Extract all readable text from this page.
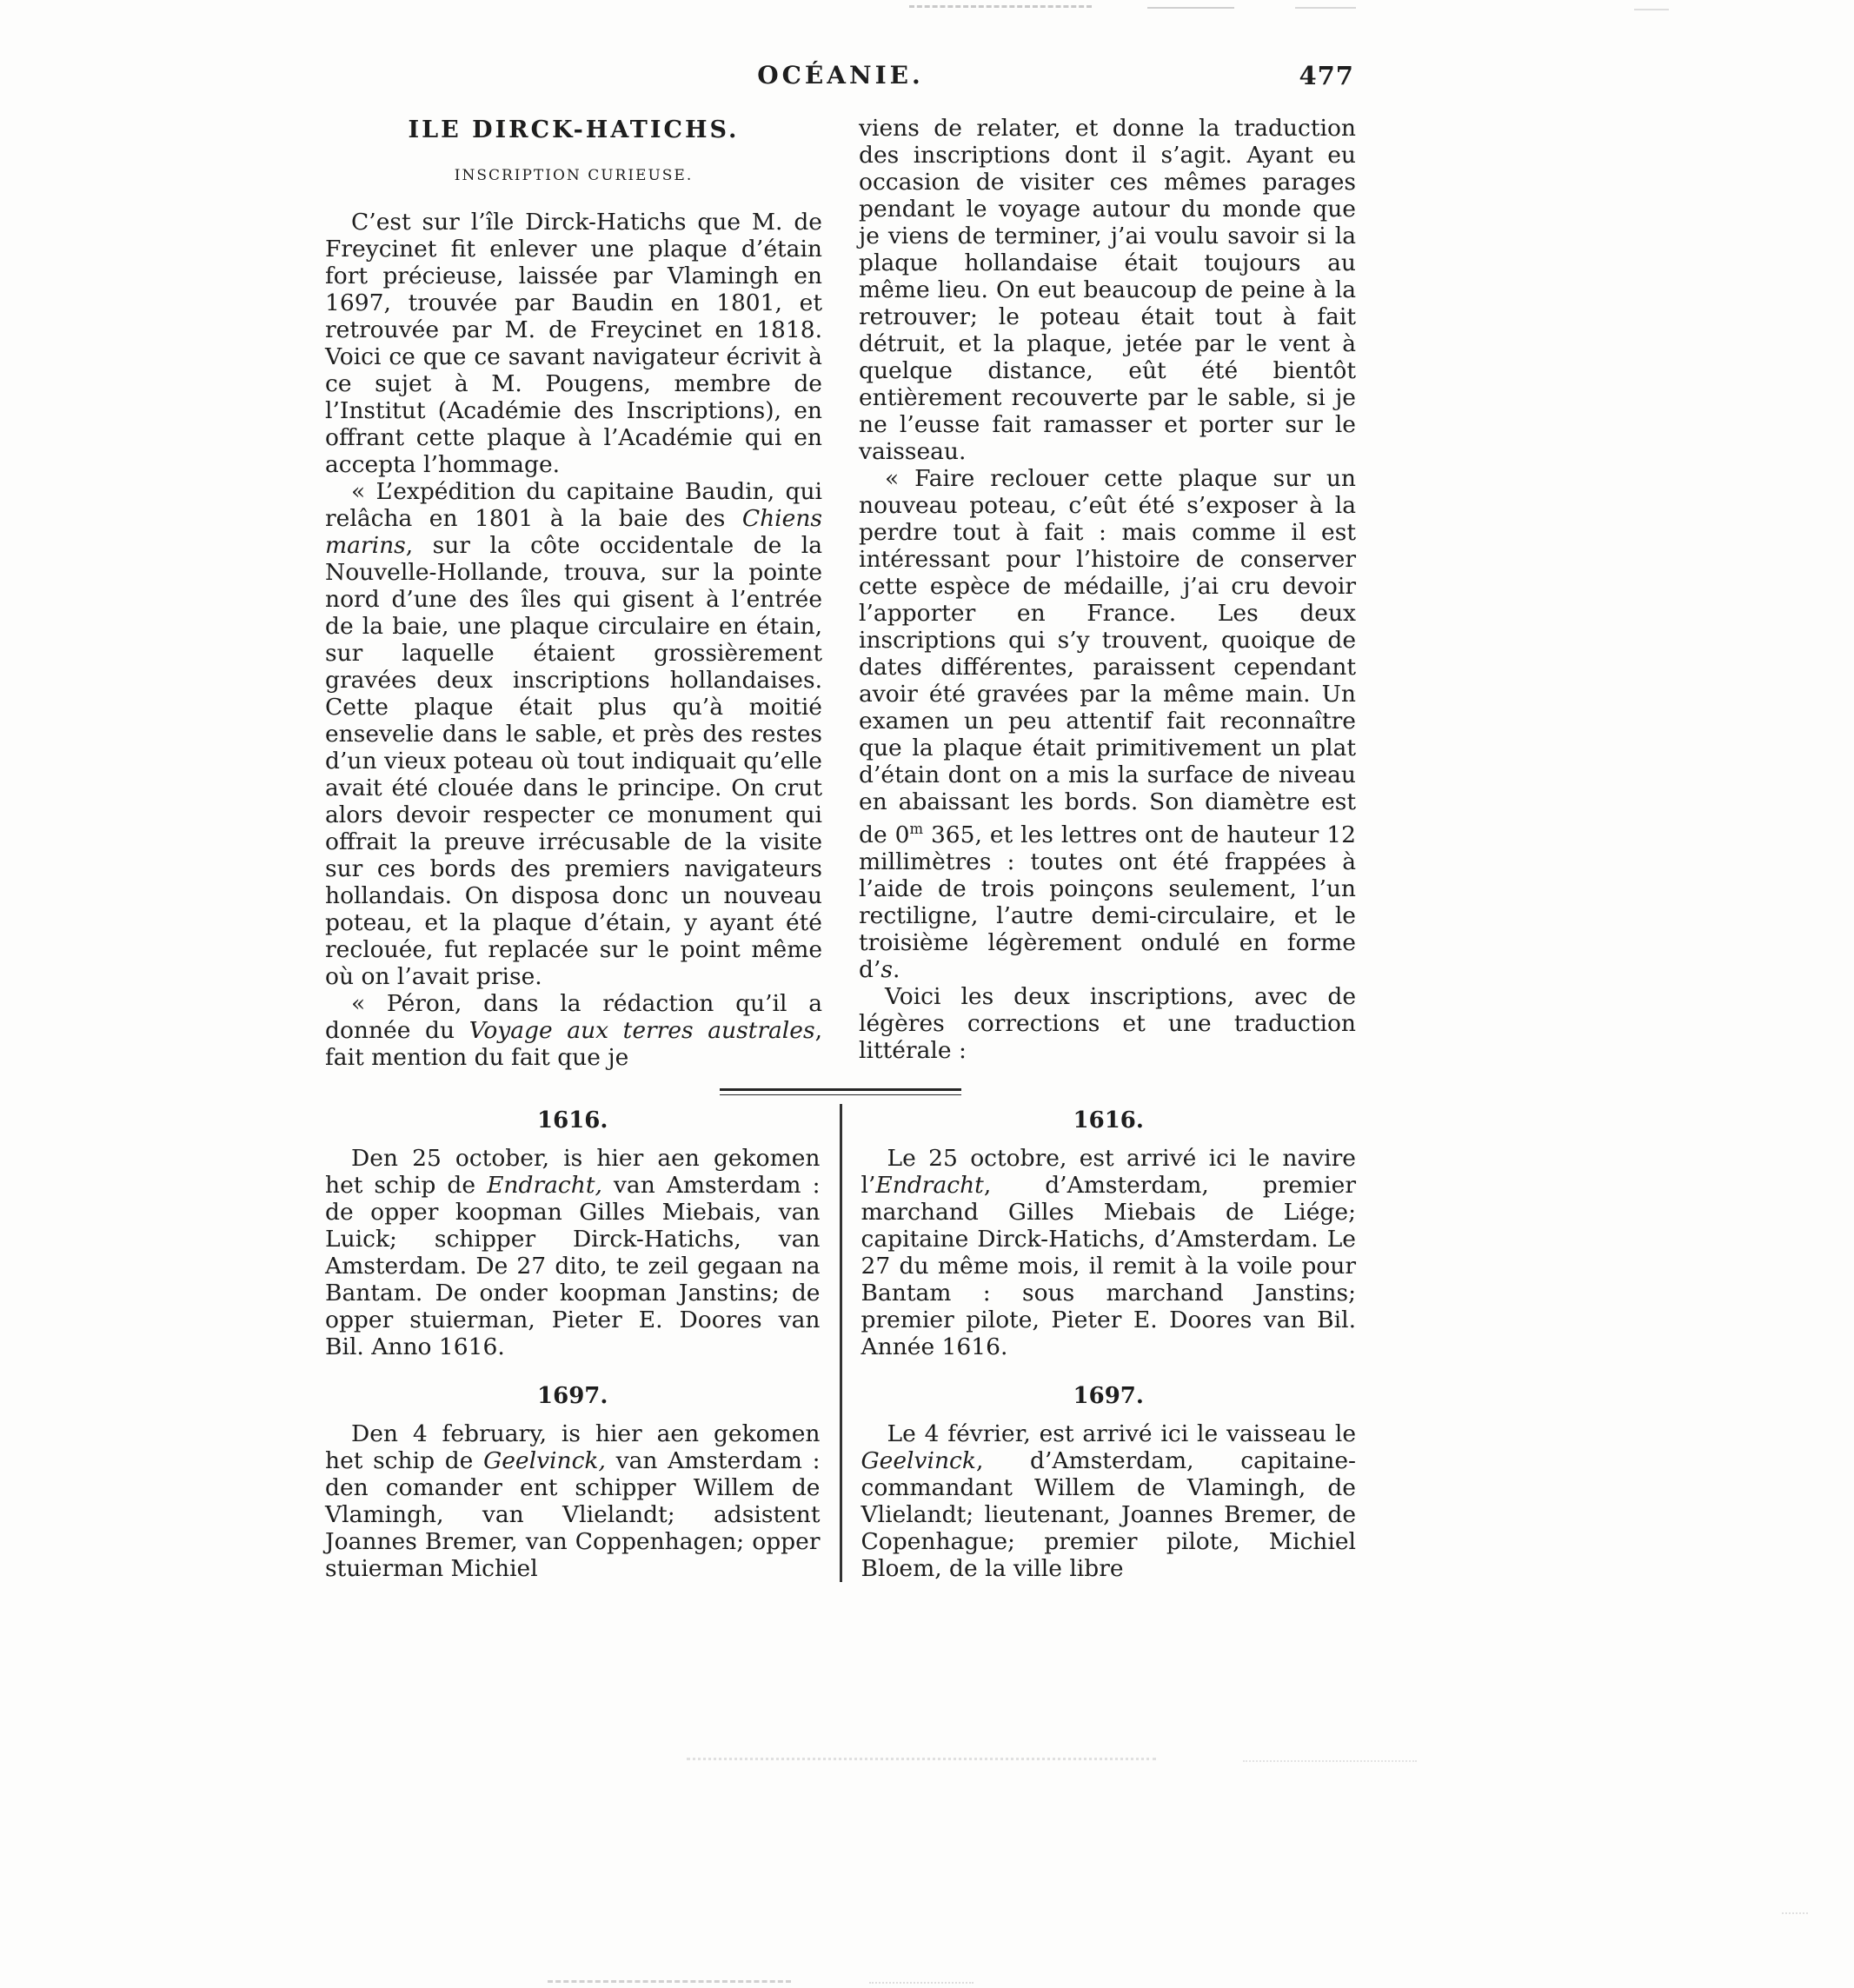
OCÉANIE.	477
ILE DIRCK-HATICHS.
INSCRIPTION CURIEUSE.

C’est sur l’île Dirck-Hatichs que M. de Freycinet fit enlever une plaque d’étain fort précieuse, laissée par Vlamingh en 1697, trouvée par Baudin en 1801, et retrouvée par M. de Freycinet en 1818. Voici ce que ce savant navigateur écrivit à ce sujet à M. Pougens, membre de l’Institut (Académie des Inscriptions), en offrant cette plaque à l’Académie qui en accepta l’hommage.

« L’expédition du capitaine Baudin, qui relâcha en 1801 à la baie des Chiens marins, sur la côte occidentale de la Nouvelle-Hollande, trouva, sur la pointe nord d’une des îles qui gisent à l’entrée de la baie, une plaque circulaire en étain, sur laquelle étaient grossièrement gravées deux inscriptions hollandaises. Cette plaque était plus qu’à moitié ensevelie dans le sable, et près des restes d’un vieux poteau où tout indiquait qu’elle avait été clouée dans le principe. On crut alors devoir respecter ce monument qui offrait la preuve irrécusable de la visite sur ces bords des premiers navigateurs hollandais. On disposa donc un nouveau poteau, et la plaque d’étain, y ayant été reclouée, fut replacée sur le point même où on l’avait prise.

« Péron, dans la rédaction qu’il a donnée du Voyage aux terres australes, fait mention du fait que je

viens de relater, et donne la traduction des inscriptions dont il s’agit. Ayant eu occasion de visiter ces mêmes parages pendant le voyage autour du monde que je viens de terminer, j’ai voulu savoir si la plaque hollandaise était toujours au même lieu. On eut beaucoup de peine à la retrouver; le poteau était tout à fait détruit, et la plaque, jetée par le vent à quelque distance, eût été bientôt entièrement recouverte par le sable, si je ne l’eusse fait ramasser et porter sur le vaisseau.

« Faire reclouer cette plaque sur un nouveau poteau, c’eût été s’exposer à la perdre tout à fait : mais comme il est intéressant pour l’histoire de conserver cette espèce de médaille, j’ai cru devoir l’apporter en France. Les deux inscriptions qui s’y trouvent, quoique de dates différentes, paraissent cependant avoir été gravées par la même main. Un examen un peu attentif fait reconnaître que la plaque était primitivement un plat d’étain dont on a mis la surface de niveau en abaissant les bords. Son diamètre est de 0$^m$ 365, et les lettres ont de hauteur 12 millimètres : toutes ont été frappées à l’aide de trois poinçons seulement, l’un rectiligne, l’autre demi-circulaire, et le troisième légèrement ondulé en forme d’s.

Voici les deux inscriptions, avec de légères corrections et une traduction littérale :

1616.

Den 25 october, is hier aen gekomen het schip de Endracht, van Amsterdam : de opper koopman Gilles Miebais, van Luick; schipper Dirck-Hatichs, van Amsterdam. De 27 dito, te zeil gegaan na Bantam. De onder koopman Janstins; de opper stuierman, Pieter E. Doores van Bil. Anno 1616.

1697.

Den 4 february, is hier aen gekomen het schip de Geelvinck, van Amsterdam : den comander ent schipper Willem de Vlamingh, van Vlielandt; adsistent Joannes Bremer, van Coppenhagen; opper stuierman Michiel

1616.

Le 25 octobre, est arrivé ici le navire l’Endracht, d’Amsterdam, premier marchand Gilles Miebais de Liége; capitaine Dirck-Hatichs, d’Amsterdam. Le 27 du même mois, il remit à la voile pour Bantam : sous marchand Janstins; premier pilote, Pieter E. Doores van Bil. Année 1616.

1697.

Le 4 février, est arrivé ici le vaisseau le Geelvinck, d’Amsterdam, capitaine-commandant Willem de Vlamingh, de Vlielandt; lieutenant, Joannes Bremer, de Copenhague; premier pilote, Michiel Bloem, de la ville libre
